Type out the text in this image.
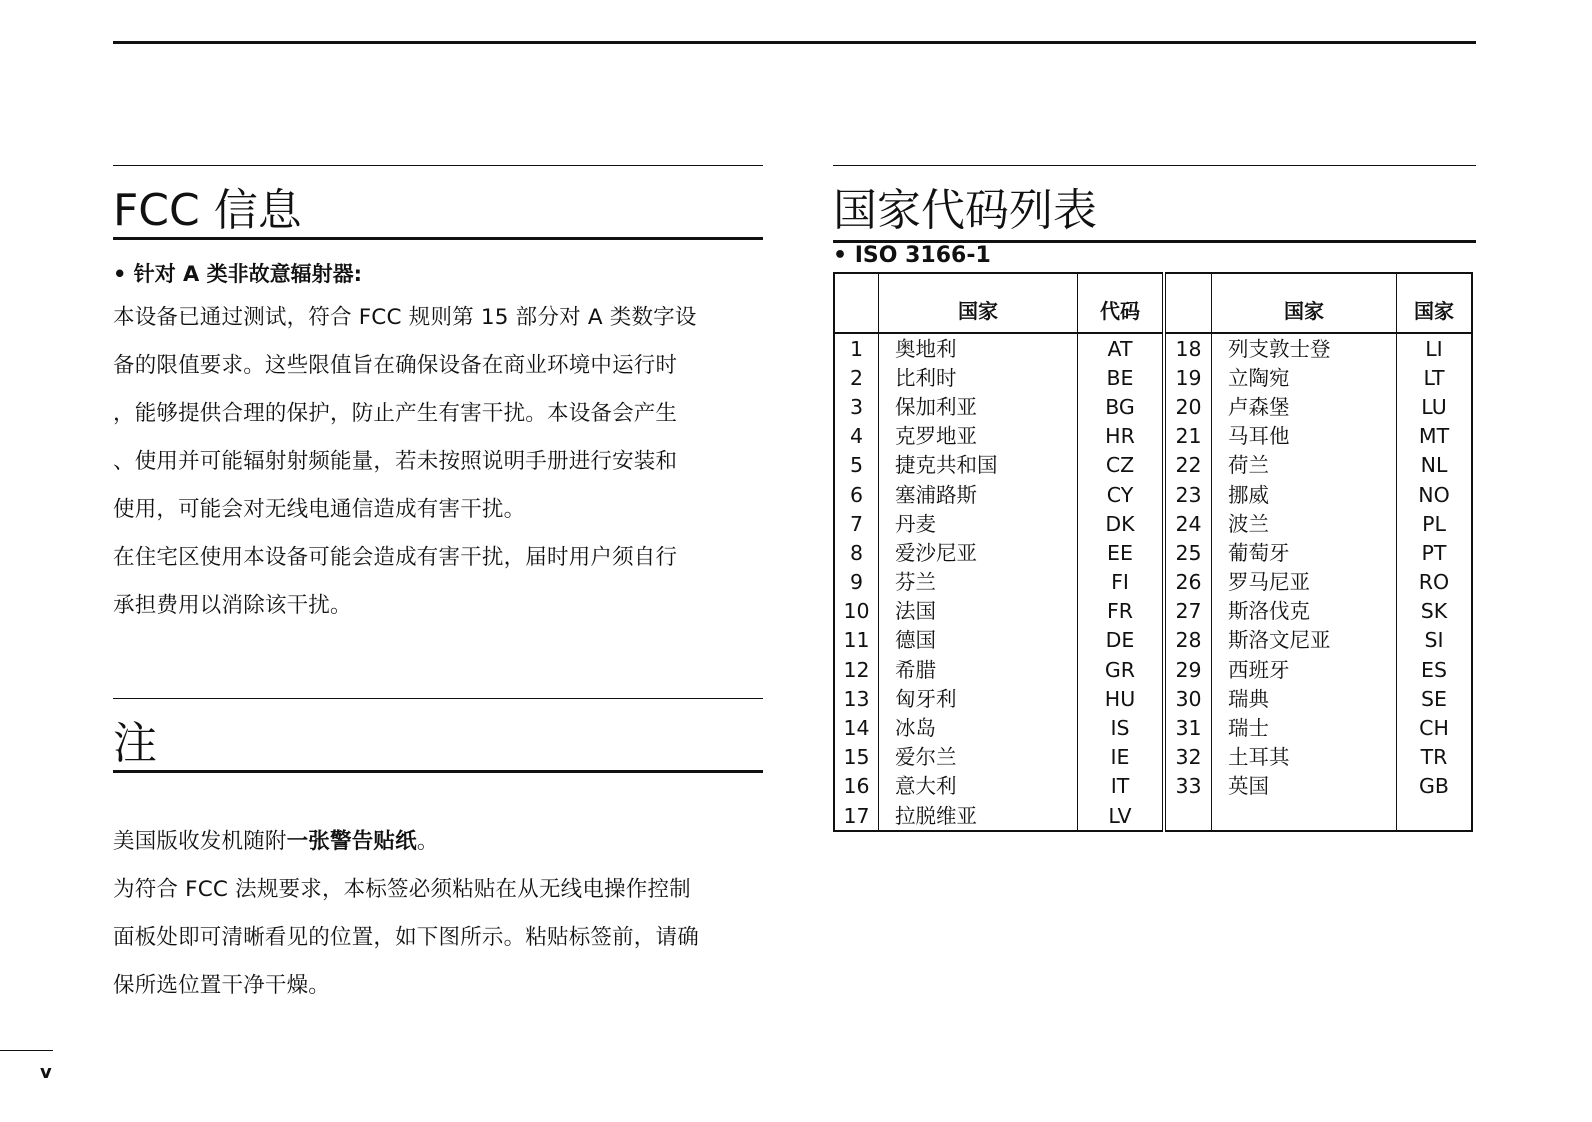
FCC 信息

• 针对 A 类非故意辐射器:

本设备已通过测试，符合 FCC 规则第 15 部分对 A 类数字设
备的限值要求。这些限值旨在确保设备在商业环境中运行时
，能够提供合理的保护，防止产生有害干扰。本设备会产生
、使用并可能辐射射频能量，若未按照说明手册进行安装和
使用，可能会对无线电通信造成有害干扰。
在住宅区使用本设备可能会造成有害干扰，届时用户须自行
承担费用以消除该干扰。
注
美国版收发机随附一张警告贴纸。
为符合 FCC 法规要求，本标签必须粘贴在从无线电操作控制
面板处即可清晰看见的位置，如下图所示。粘贴标签前，请确
保所选位置干净干燥。
国家代码列表

• ISO 3166-1

	国家	代码		国家	国家
1	奥地利	AT	18	列支敦士登	LI
2	比利时	BE	19	立陶宛	LT
3	保加利亚	BG	20	卢森堡	LU
4	克罗地亚	HR	21	马耳他	MT
5	捷克共和国	CZ	22	荷兰	NL
6	塞浦路斯	CY	23	挪威	NO
7	丹麦	DK	24	波兰	PL
8	爱沙尼亚	EE	25	葡萄牙	PT
9	芬兰	FI	26	罗马尼亚	RO
10	法国	FR	27	斯洛伐克	SK
11	德国	DE	28	斯洛文尼亚	SI
12	希腊	GR	29	西班牙	ES
13	匈牙利	HU	30	瑞典	SE
14	冰岛	IS	31	瑞士	CH
15	爱尔兰	IE	32	土耳其	TR
16	意大利	IT	33	英国	GB
17	拉脱维亚	LV			
v
